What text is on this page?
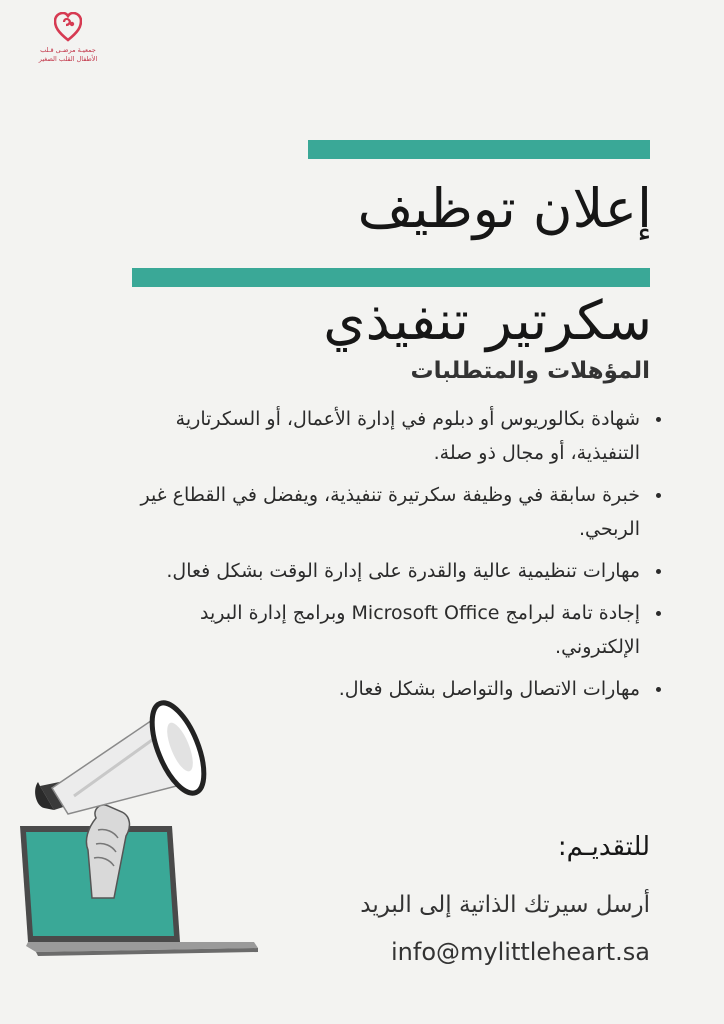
جمعيـة مرضـى قـلب
الأطفال القلب الصغير
إعلان توظيف
سكرتير تنفيذي
المؤهلات والمتطلبات
• شهادة بكالوريوس أو دبلوم في إدارة الأعمال، أو السكرتارية التنفيذية، أو مجال ذو صلة.
• خبرة سابقة في وظيفة سكرتيرة تنفيذية، ويفضل في القطاع غير الربحي.
• مهارات تنظيمية عالية والقدرة على إدارة الوقت بشكل فعال.
• إجادة تامة لبرامج Microsoft Office وبرامج إدارة البريد الإلكتروني.
• مهارات الاتصال والتواصل بشكل فعال.
للتقديـم:
أرسل سيرتك الذاتية إلى البريد
info@mylittleheart.sa
